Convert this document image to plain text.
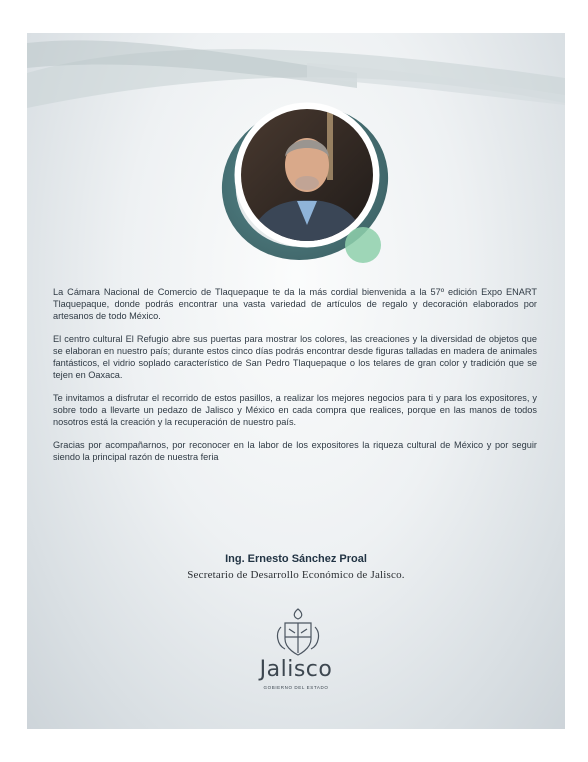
La Cámara Nacional de Comercio de Tlaquepaque te da la más cordial bienvenida a la 57º edición Expo ENART Tlaquepaque, donde podrás encontrar una vasta variedad de artículos de regalo y decoración elaborados por artesanos de todo México.

El centro cultural El Refugio abre sus puertas para mostrar los colores, las creaciones y la diversidad de objetos que se elaboran en nuestro país; durante estos cinco días podrás encontrar desde figuras talladas en madera de animales fantásticos, el vidrio soplado característico de San Pedro Tlaquepaque o los telares de gran color y tradición que se tejen en Oaxaca.

Te invitamos a disfrutar el recorrido de estos pasillos, a realizar los mejores negocios para ti y para los expositores, y sobre todo a llevarte un pedazo de Jalisco y México en cada compra que realices, porque en las manos de todos nosotros está la creación y la recuperación de nuestro país.

Gracias por acompañarnos, por reconocer en la labor de los expositores la riqueza cultural de México y por seguir siendo la principal razón de nuestra feria

Ing. Ernesto Sánchez Proal
Secretario de Desarrollo Económico de Jalisco.
Jalisco
GOBIERNO DEL ESTADO
